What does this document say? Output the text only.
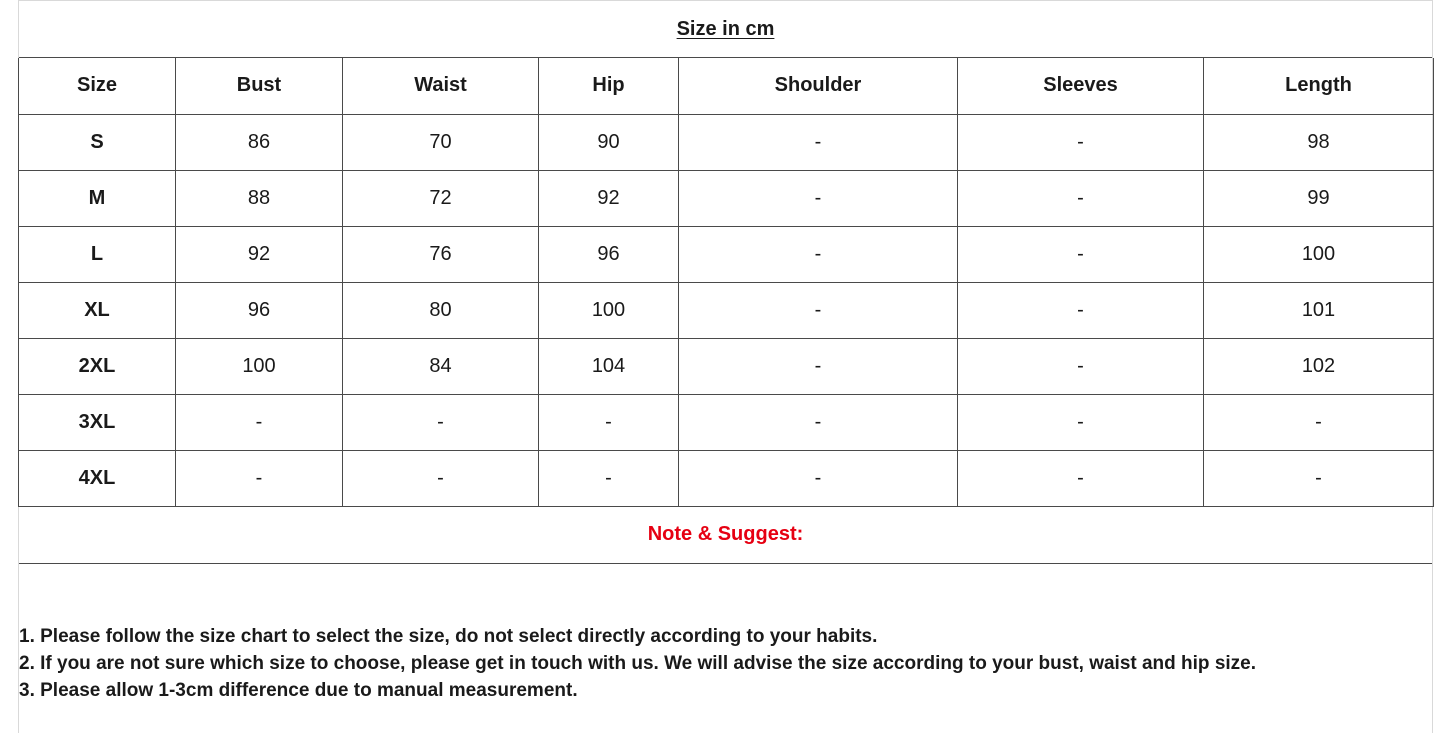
Size in cm
Size	Bust	Waist	Hip	Shoulder	Sleeves	Length
S	86	70	90	-	-	98
M	88	72	92	-	-	99
L	92	76	96	-	-	100
XL	96	80	100	-	-	101
2XL	100	84	104	-	-	102
3XL	-	-	-	-	-	-
4XL	-	-	-	-	-	-
Note & Suggest:
1. Please follow the size chart to select the size, do not select directly according to your habits.
2. If you are not sure which size to choose, please get in touch with us. We will advise the size according to your bust, waist and hip size.
3. Please allow 1-3cm difference due to manual measurement.
